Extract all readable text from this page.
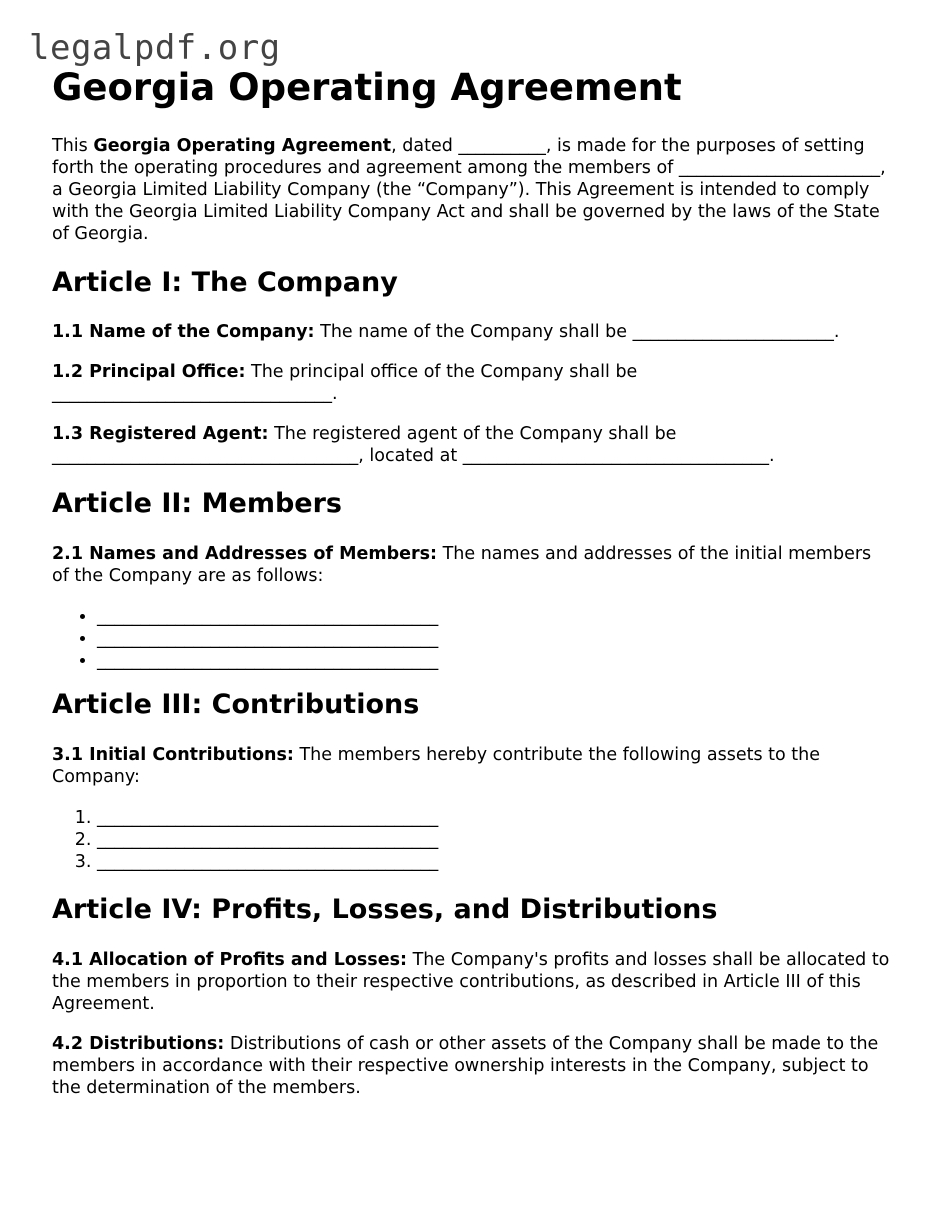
legalpdf.org
Georgia Operating Agreement

This Georgia Operating Agreement, dated __________, is made for the purposes of setting forth the operating procedures and agreement among the members of _______________________, a Georgia Limited Liability Company (the “Company”). This Agreement is intended to comply with the Georgia Limited Liability Company Act and shall be governed by the laws of the State of Georgia.

Article I: The Company

1.1 Name of the Company: The name of the Company shall be _______________________.

1.2 Principal Office: The principal office of the Company shall be ________________________________.

1.3 Registered Agent: The registered agent of the Company shall be ___________________________________, located at ___________________________________.

Article II: Members

2.1 Names and Addresses of Members: The names and addresses of the initial members of the Company are as follows:

• _______________________________________
• _______________________________________
• _______________________________________
Article III: Contributions

3.1 Initial Contributions: The members hereby contribute the following assets to the Company:

1. _______________________________________
2. _______________________________________
3. _______________________________________
Article IV: Profits, Losses, and Distributions

4.1 Allocation of Profits and Losses: The Company's profits and losses shall be allocated to the members in proportion to their respective contributions, as described in Article III of this Agreement.

4.2 Distributions: Distributions of cash or other assets of the Company shall be made to the members in accordance with their respective ownership interests in the Company, subject to the determination of the members.
